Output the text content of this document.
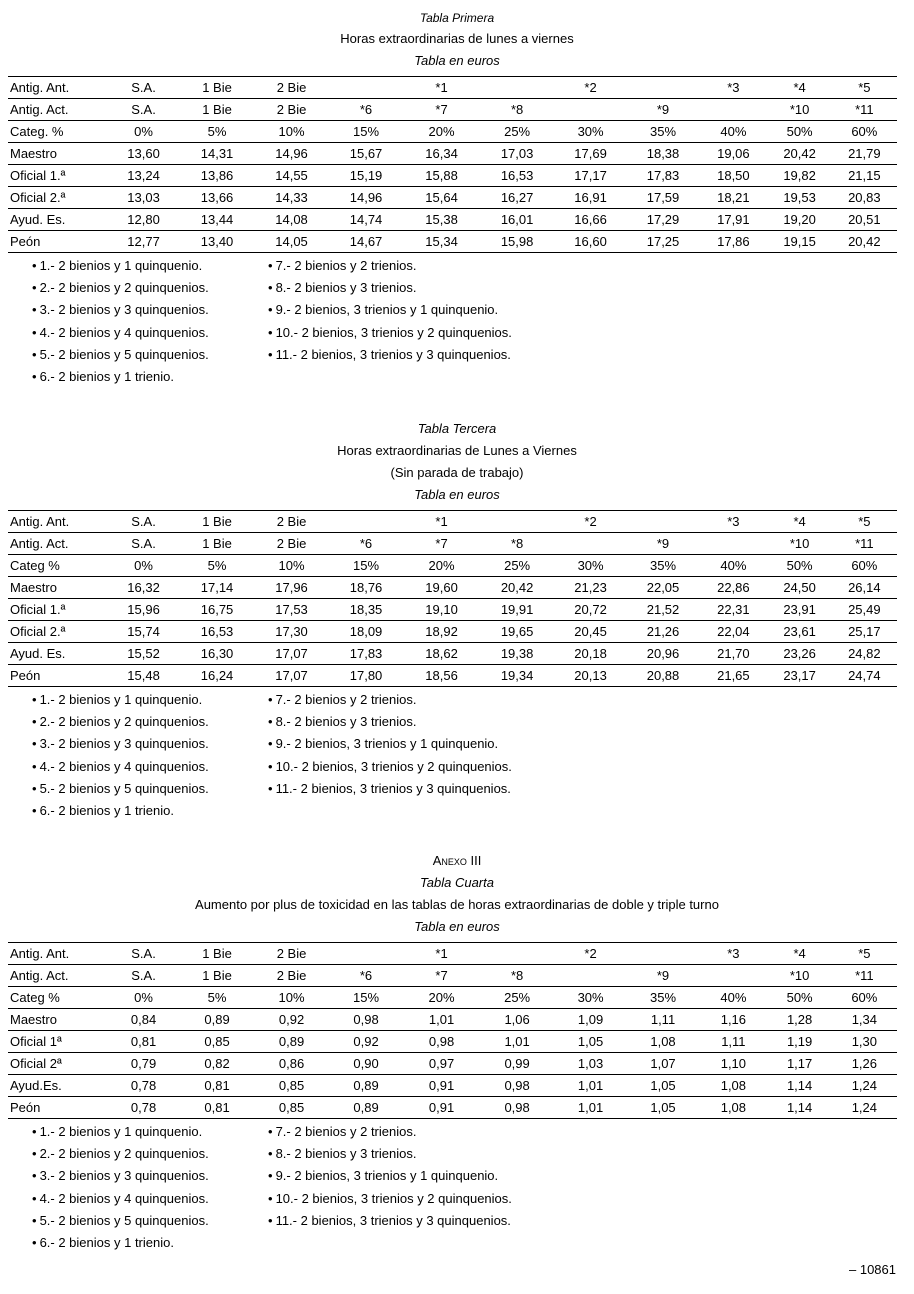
Tabla Primera
Horas extraordinarias de lunes a viernes
Tabla en euros
Antig. Ant.	S.A.	1 Bie	2 Bie		*1		*2		*3	*4	*5
Antig. Act.	S.A.	1 Bie	2 Bie	*6	*7	*8		*9		*10	*11
Categ. %	0%	5%	10%	15%	20%	25%	30%	35%	40%	50%	60%
Maestro	13,60	14,31	14,96	15,67	16,34	17,03	17,69	18,38	19,06	20,42	21,79
Oficial 1.ª	13,24	13,86	14,55	15,19	15,88	16,53	17,17	17,83	18,50	19,82	21,15
Oficial 2.ª	13,03	13,66	14,33	14,96	15,64	16,27	16,91	17,59	18,21	19,53	20,83
Ayud. Es.	12,80	13,44	14,08	14,74	15,38	16,01	16,66	17,29	17,91	19,20	20,51
Peón	12,77	13,40	14,05	14,67	15,34	15,98	16,60	17,25	17,86	19,15	20,42
• 1.- 2 bienios y 1 quinquenio.
• 2.- 2 bienios y 2 quinquenios.
• 3.- 2 bienios y 3 quinquenios.
• 4.- 2 bienios y 4 quinquenios.
• 5.- 2 bienios y 5 quinquenios.
• 6.- 2 bienios y 1 trienio.
• 7.- 2 bienios y 2 trienios.
• 8.- 2 bienios y 3 trienios.
• 9.- 2 bienios, 3 trienios y 1 quinquenio.
• 10.- 2 bienios, 3 trienios y 2 quinquenios.
• 11.- 2 bienios, 3 trienios y 3 quinquenios.
Tabla Tercera
Horas extraordinarias de Lunes a Viernes
(Sin parada de trabajo)
Tabla en euros
Antig. Ant.	S.A.	1 Bie	2 Bie		*1		*2		*3	*4	*5
Antig. Act.	S.A.	1 Bie	2 Bie	*6	*7	*8		*9		*10	*11
Categ %	0%	5%	10%	15%	20%	25%	30%	35%	40%	50%	60%
Maestro	16,32	17,14	17,96	18,76	19,60	20,42	21,23	22,05	22,86	24,50	26,14
Oficial 1.ª	15,96	16,75	17,53	18,35	19,10	19,91	20,72	21,52	22,31	23,91	25,49
Oficial 2.ª	15,74	16,53	17,30	18,09	18,92	19,65	20,45	21,26	22,04	23,61	25,17
Ayud. Es.	15,52	16,30	17,07	17,83	18,62	19,38	20,18	20,96	21,70	23,26	24,82
Peón	15,48	16,24	17,07	17,80	18,56	19,34	20,13	20,88	21,65	23,17	24,74
• 1.- 2 bienios y 1 quinquenio.
• 2.- 2 bienios y 2 quinquenios.
• 3.- 2 bienios y 3 quinquenios.
• 4.- 2 bienios y 4 quinquenios.
• 5.- 2 bienios y 5 quinquenios.
• 6.- 2 bienios y 1 trienio.
• 7.- 2 bienios y 2 trienios.
• 8.- 2 bienios y 3 trienios.
• 9.- 2 bienios, 3 trienios y 1 quinquenio.
• 10.- 2 bienios, 3 trienios y 2 quinquenios.
• 11.- 2 bienios, 3 trienios y 3 quinquenios.
Anexo III
Tabla Cuarta
Aumento por plus de toxicidad en las tablas de horas extraordinarias de doble y triple turno
Tabla en euros
Antig. Ant.	S.A.	1 Bie	2 Bie		*1		*2		*3	*4	*5
Antig. Act.	S.A.	1 Bie	2 Bie	*6	*7	*8		*9		*10	*11
Categ %	0%	5%	10%	15%	20%	25%	30%	35%	40%	50%	60%
Maestro	0,84	0,89	0,92	0,98	1,01	1,06	1,09	1,11	1,16	1,28	1,34
Oficial 1ª	0,81	0,85	0,89	0,92	0,98	1,01	1,05	1,08	1,11	1,19	1,30
Oficial 2ª	0,79	0,82	0,86	0,90	0,97	0,99	1,03	1,07	1,10	1,17	1,26
Ayud.Es.	0,78	0,81	0,85	0,89	0,91	0,98	1,01	1,05	1,08	1,14	1,24
Peón	0,78	0,81	0,85	0,89	0,91	0,98	1,01	1,05	1,08	1,14	1,24
• 1.- 2 bienios y 1 quinquenio.
• 2.- 2 bienios y 2 quinquenios.
• 3.- 2 bienios y 3 quinquenios.
• 4.- 2 bienios y 4 quinquenios.
• 5.- 2 bienios y 5 quinquenios.
• 6.- 2 bienios y 1 trienio.
• 7.- 2 bienios y 2 trienios.
• 8.- 2 bienios y 3 trienios.
• 9.- 2 bienios, 3 trienios y 1 quinquenio.
• 10.- 2 bienios, 3 trienios y 2 quinquenios.
• 11.- 2 bienios, 3 trienios y 3 quinquenios.
– 10861
